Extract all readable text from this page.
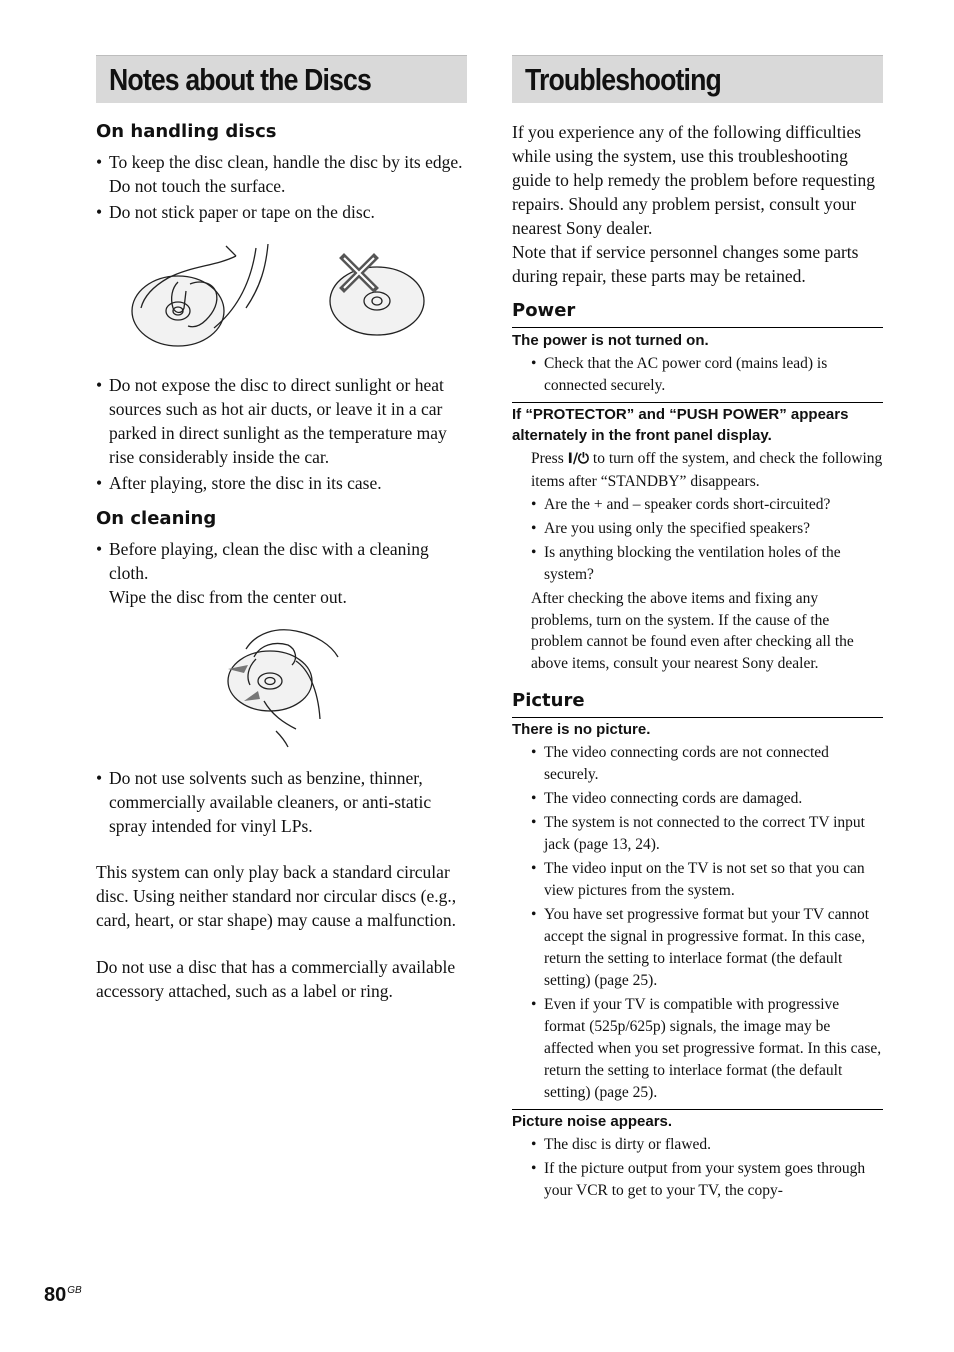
Notes about the Discs
On handling discs
• To keep the disc clean, handle the disc by its edge. Do not touch the surface.
• Do not stick paper or tape on the disc.
• Do not expose the disc to direct sunlight or heat sources such as hot air ducts, or leave it in a car parked in direct sunlight as the temperature may rise considerably inside the car.
• After playing, store the disc in its case.
On cleaning
• Before playing, clean the disc with a cleaning cloth.
Wipe the disc from the center out.
• Do not use solvents such as benzine, thinner, commercially available cleaners, or anti-static spray intended for vinyl LPs.

This system can only play back a standard circular disc. Using neither standard nor circular discs (e.g., card, heart, or star shape) may cause a malfunction.

Do not use a disc that has a commercially available accessory attached, such as a label or ring.

Troubleshooting

If you experience any of the following difficulties while using the system, use this troubleshooting guide to help remedy the problem before requesting repairs. Should any problem persist, consult your nearest Sony dealer.

Note that if service personnel changes some parts during repair, these parts may be retained.

Power
The power is not turned on.
• Check that the AC power cord (mains lead) is connected securely.
If “PROTECTOR” and “PUSH POWER” appears alternately in the front panel display.

Press I/⏻ to turn off the system, and check the following items after “STANDBY” disappears.

• Are the + and – speaker cords short-circuited?
• Are you using only the specified speakers?
• Is anything blocking the ventilation holes of the system?

After checking the above items and fixing any problems, turn on the system. If the cause of the problem cannot be found even after checking all the above items, consult your nearest Sony dealer.

Picture
There is no picture.
• The video connecting cords are not connected securely.
• The video connecting cords are damaged.
• The system is not connected to the correct TV input jack (page 13, 24).
• The video input on the TV is not set so that you can view pictures from the system.
• You have set progressive format but your TV cannot accept the signal in progressive format. In this case, return the setting to interlace format (the default setting) (page 25).
• Even if your TV is compatible with progressive format (525p/625p) signals, the image may be affected when you set progressive format. In this case, return the setting to interlace format (the default setting) (page 25).
Picture noise appears.
• The disc is dirty or flawed.
• If the picture output from your system goes through your VCR to get to your TV, the copy-
$80^{GB}$
